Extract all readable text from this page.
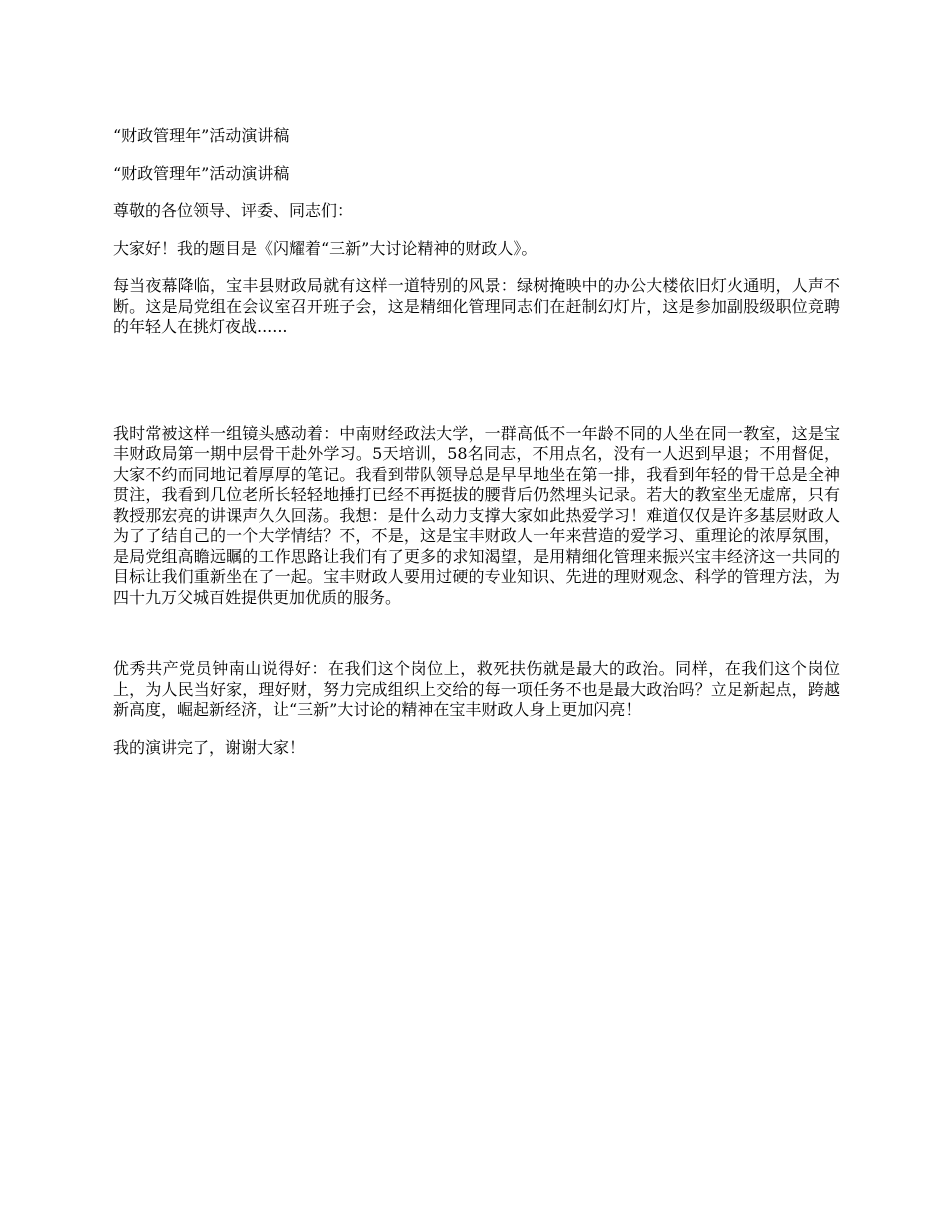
“财政管理年”活动演讲稿

“财政管理年”活动演讲稿

尊敬的各位领导、评委、同志们：

大家好！我的题目是《闪耀着“三新”大讨论精神的财政人》。

每当夜幕降临，宝丰县财政局就有这样一道特别的风景：绿树掩映中的办公大楼依旧灯火通明，人声不断。这是局党组在会议室召开班子会，这是精细化管理同志们在赶制幻灯片，这是参加副股级职位竞聘的年轻人在挑灯夜战......

我时常被这样一组镜头感动着：中南财经政法大学，一群高低不一年龄不同的人坐在同一教室，这是宝丰财政局第一期中层骨干赴外学习。5天培训，58名同志，不用点名，没有一人迟到早退；不用督促，大家不约而同地记着厚厚的笔记。我看到带队领导总是早早地坐在第一排，我看到年轻的骨干总是全神贯注，我看到几位老所长轻轻地捶打已经不再挺拔的腰背后仍然埋头记录。若大的教室坐无虚席，只有教授那宏亮的讲课声久久回荡。我想：是什么动力支撑大家如此热爱学习！难道仅仅是许多基层财政人为了了结自己的一个大学情结？不，不是，这是宝丰财政人一年来营造的爱学习、重理论的浓厚氛围，是局党组高瞻远瞩的工作思路让我们有了更多的求知渴望，是用精细化管理来振兴宝丰经济这一共同的目标让我们重新坐在了一起。宝丰财政人要用过硬的专业知识、先进的理财观念、科学的管理方法，为四十九万父城百姓提供更加优质的服务。

优秀共产党员钟南山说得好：在我们这个岗位上，救死扶伤就是最大的政治。同样，在我们这个岗位上，为人民当好家，理好财，努力完成组织上交给的每一项任务不也是最大政治吗？立足新起点，跨越新高度，崛起新经济，让“三新”大讨论的精神在宝丰财政人身上更加闪亮！

我的演讲完了，谢谢大家！
